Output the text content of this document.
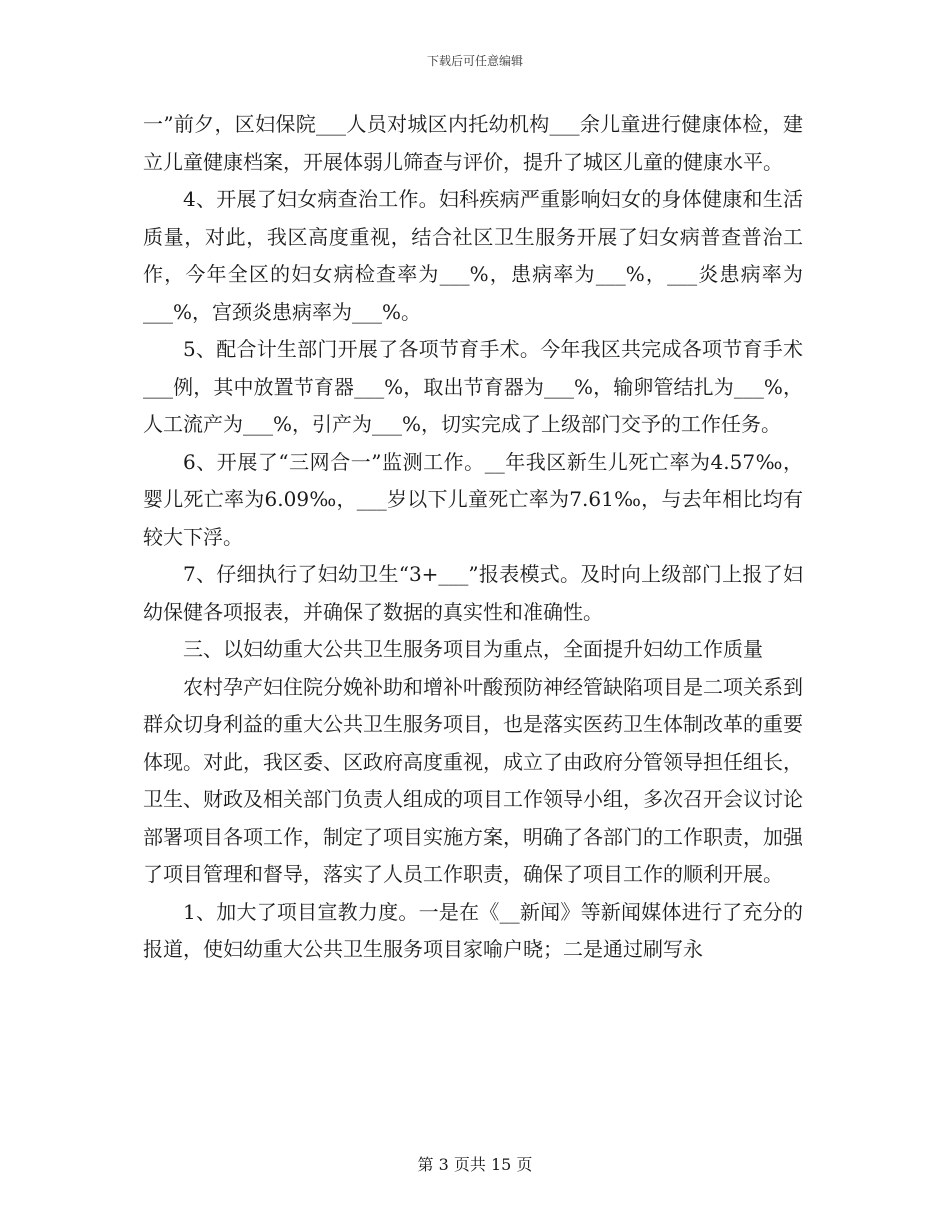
下载后可任意编辑

一”前夕，区妇保院___人员对城区内托幼机构___余儿童进行健康体检，建立儿童健康档案，开展体弱儿筛查与评价，提升了城区儿童的健康水平。

4、开展了妇女病查治工作。妇科疾病严重影响妇女的身体健康和生活质量，对此，我区高度重视，结合社区卫生服务开展了妇女病普查普治工作，今年全区的妇女病检查率为___%，患病率为___%，___炎患病率为___%，宫颈炎患病率为___%。

5、配合计生部门开展了各项节育手术。今年我区共完成各项节育手术___例，其中放置节育器___%，取出节育器为___%，输卵管结扎为___%，人工流产为___%，引产为___%，切实完成了上级部门交予的工作任务。

6、开展了“三网合一”监测工作。__年我区新生儿死亡率为4.57‰，婴儿死亡率为6.09‰，___岁以下儿童死亡率为7.61‰，与去年相比均有较大下浮。

7、仔细执行了妇幼卫生“3+___”报表模式。及时向上级部门上报了妇幼保健各项报表，并确保了数据的真实性和准确性。

三、以妇幼重大公共卫生服务项目为重点，全面提升妇幼工作质量

农村孕产妇住院分娩补助和增补叶酸预防神经管缺陷项目是二项关系到群众切身利益的重大公共卫生服务项目，也是落实医药卫生体制改革的重要体现。对此，我区委、区政府高度重视，成立了由政府分管领导担任组长，卫生、财政及相关部门负责人组成的项目工作领导小组，多次召开会议讨论部署项目各项工作，制定了项目实施方案，明确了各部门的工作职责，加强了项目管理和督导，落实了人员工作职责，确保了项目工作的顺利开展。

1、加大了项目宣教力度。一是在《__新闻》等新闻媒体进行了充分的报道，使妇幼重大公共卫生服务项目家喻户晓；二是通过刷写永

第 3 页共 15 页
